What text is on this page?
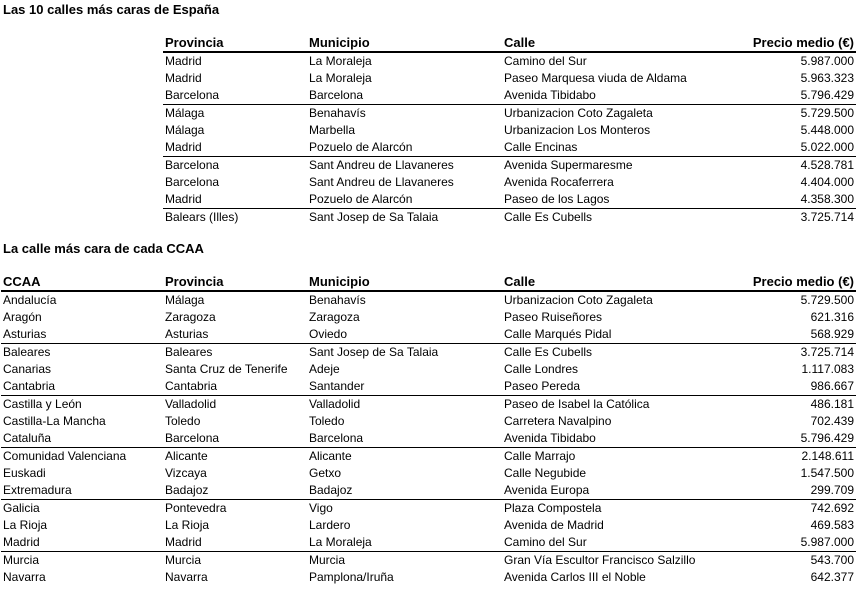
Las 10 calles más caras de España
Provincia	Municipio	Calle	Precio medio (€)
Madrid	La Moraleja	Camino del Sur	5.987.000
Madrid	La Moraleja	Paseo Marquesa viuda de Aldama	5.963.323
Barcelona	Barcelona	Avenida Tibidabo	5.796.429
Málaga	Benahavís	Urbanizacion Coto Zagaleta	5.729.500
Málaga	Marbella	Urbanizacion Los Monteros	5.448.000
Madrid	Pozuelo de Alarcón	Calle Encinas	5.022.000
Barcelona	Sant Andreu de Llavaneres	Avenida Supermaresme	4.528.781
Barcelona	Sant Andreu de Llavaneres	Avenida Rocaferrera	4.404.000
Madrid	Pozuelo de Alarcón	Paseo de los Lagos	4.358.300
Balears (Illes)	Sant Josep de Sa Talaia	Calle Es Cubells	3.725.714
La calle más cara de cada CCAA
CCAA	Provincia	Municipio	Calle	Precio medio (€)
Andalucía	Málaga	Benahavís	Urbanizacion Coto Zagaleta	5.729.500
Aragón	Zaragoza	Zaragoza	Paseo Ruiseñores	621.316
Asturias	Asturias	Oviedo	Calle Marqués Pidal	568.929
Baleares	Baleares	Sant Josep de Sa Talaia	Calle Es Cubells	3.725.714
Canarias	Santa Cruz de Tenerife	Adeje	Calle Londres	1.117.083
Cantabria	Cantabria	Santander	Paseo Pereda	986.667
Castilla y León	Valladolid	Valladolid	Paseo de Isabel la Católica	486.181
Castilla-La Mancha	Toledo	Toledo	Carretera Navalpino	702.439
Cataluña	Barcelona	Barcelona	Avenida Tibidabo	5.796.429
Comunidad Valenciana	Alicante	Alicante	Calle Marrajo	2.148.611
Euskadi	Vizcaya	Getxo	Calle Negubide	1.547.500
Extremadura	Badajoz	Badajoz	Avenida Europa	299.709
Galicia	Pontevedra	Vigo	Plaza Compostela	742.692
La Rioja	La Rioja	Lardero	Avenida de Madrid	469.583
Madrid	Madrid	La Moraleja	Camino del Sur	5.987.000
Murcia	Murcia	Murcia	Gran Vía Escultor Francisco Salzillo	543.700
Navarra	Navarra	Pamplona/Iruña	Avenida Carlos III el Noble	642.377
